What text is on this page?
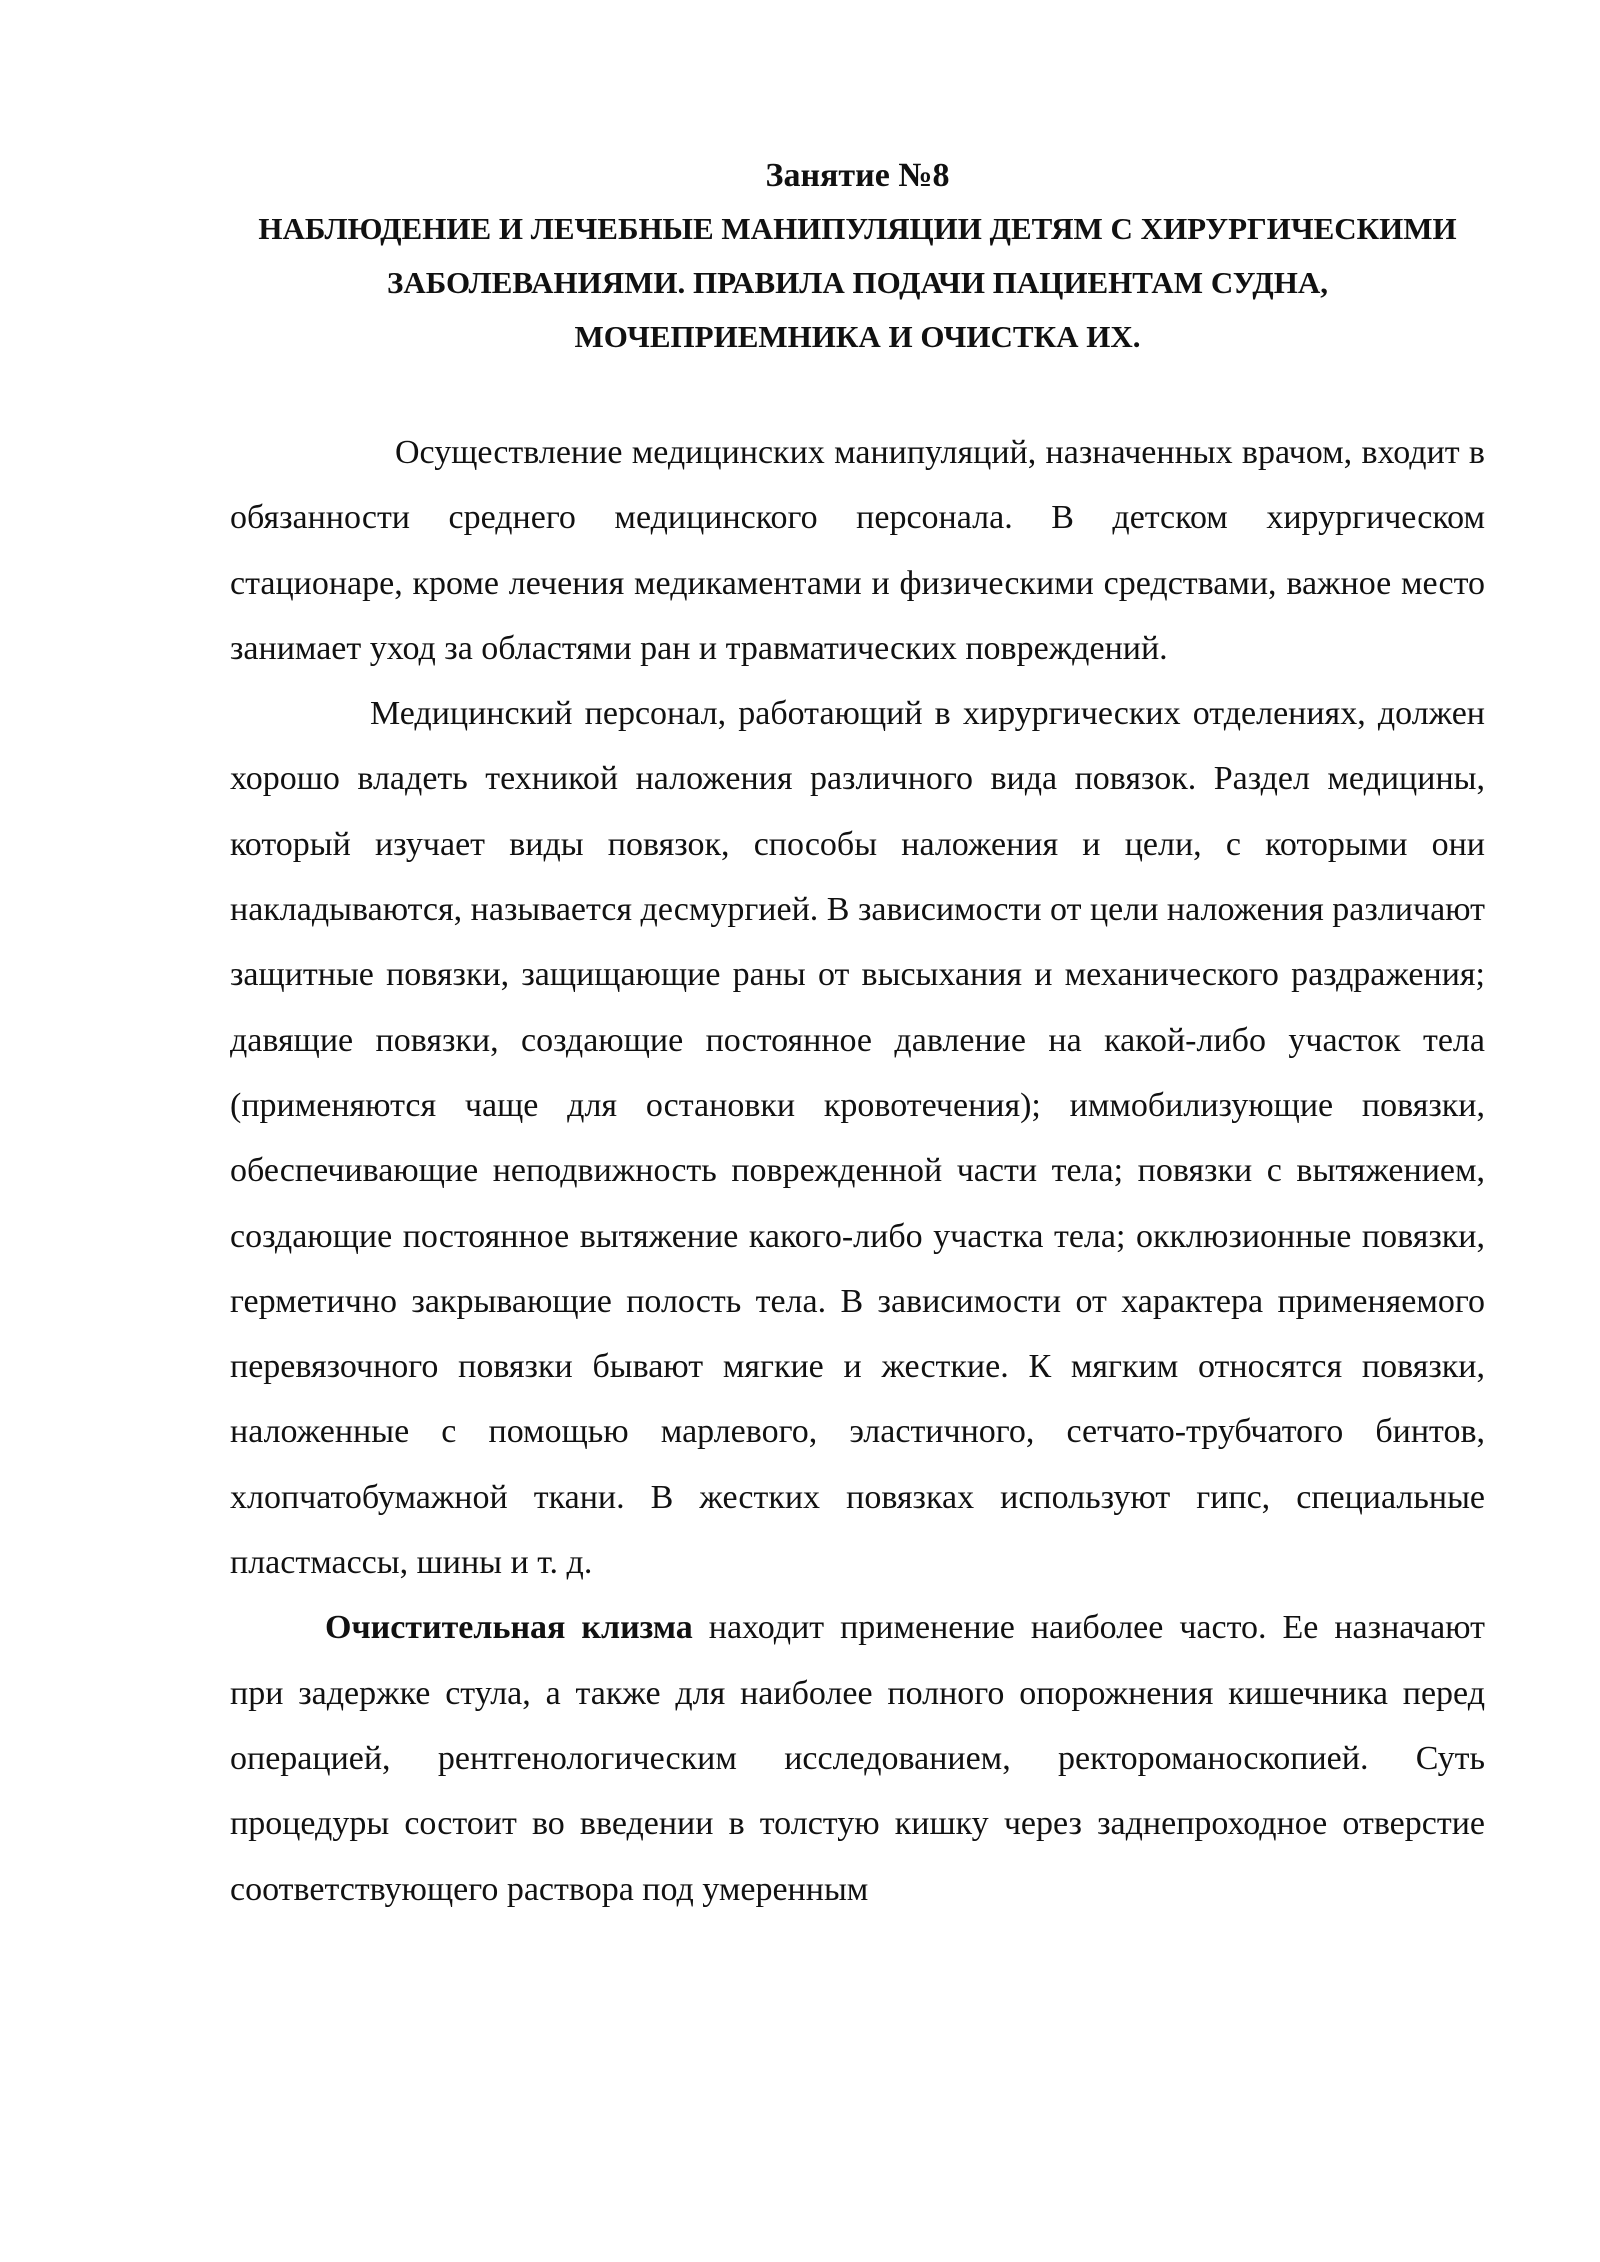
Занятие №8
НАБЛЮДЕНИЕ И ЛЕЧЕБНЫЕ МАНИПУЛЯЦИИ ДЕТЯМ С ХИРУРГИЧЕСКИМИ
ЗАБОЛЕВАНИЯМИ. ПРАВИЛА ПОДАЧИ ПАЦИЕНТАМ СУДНА,
МОЧЕПРИЕМНИКА И ОЧИСТКА ИХ.

Осуществление медицинских манипуляций, назначенных врачом, входит в обязанности среднего медицинского персонала. В детском хирургическом стационаре, кроме лечения медикаментами и физическими средствами, важное место занимает уход за областями ран и травматических повреждений.

Медицинский персонал, работающий в хирургических отделениях, должен хорошо владеть техникой наложения различного вида повязок. Раздел медицины, который изучает виды повязок, способы наложения и цели, с которыми они накладываются, называется десмургией. В зависимости от цели наложения различают защитные повязки, защищающие раны от высыхания и механического раздражения; давящие повязки, создающие постоянное давление на какой-либо участок тела (применяются чаще для остановки кровотечения); иммобилизующие повязки, обеспечивающие неподвижность поврежденной части тела; повязки с вытяжением, создающие постоянное вытяжение какого-либо участка тела; окклюзионные повязки, герметично закрывающие полость тела. В зависимости от характера применяемого перевязочного повязки бывают мягкие и жесткие. К мягким относятся повязки, наложенные с помощью марлевого, эластичного, сетчато-трубчатого бинтов, хлопчатобумажной ткани. В жестких повязках используют гипс, специальные пластмассы, шины и т. д.

Очистительная клизма находит применение наиболее часто. Ее назначают при задержке стула, а также для наиболее полного опорожнения кишечника перед операцией, рентгенологическим исследованием, ректороманоскопией. Суть процедуры состоит во введении в толстую кишку через заднепроходное отверстие соответствующего раствора под умеренным
